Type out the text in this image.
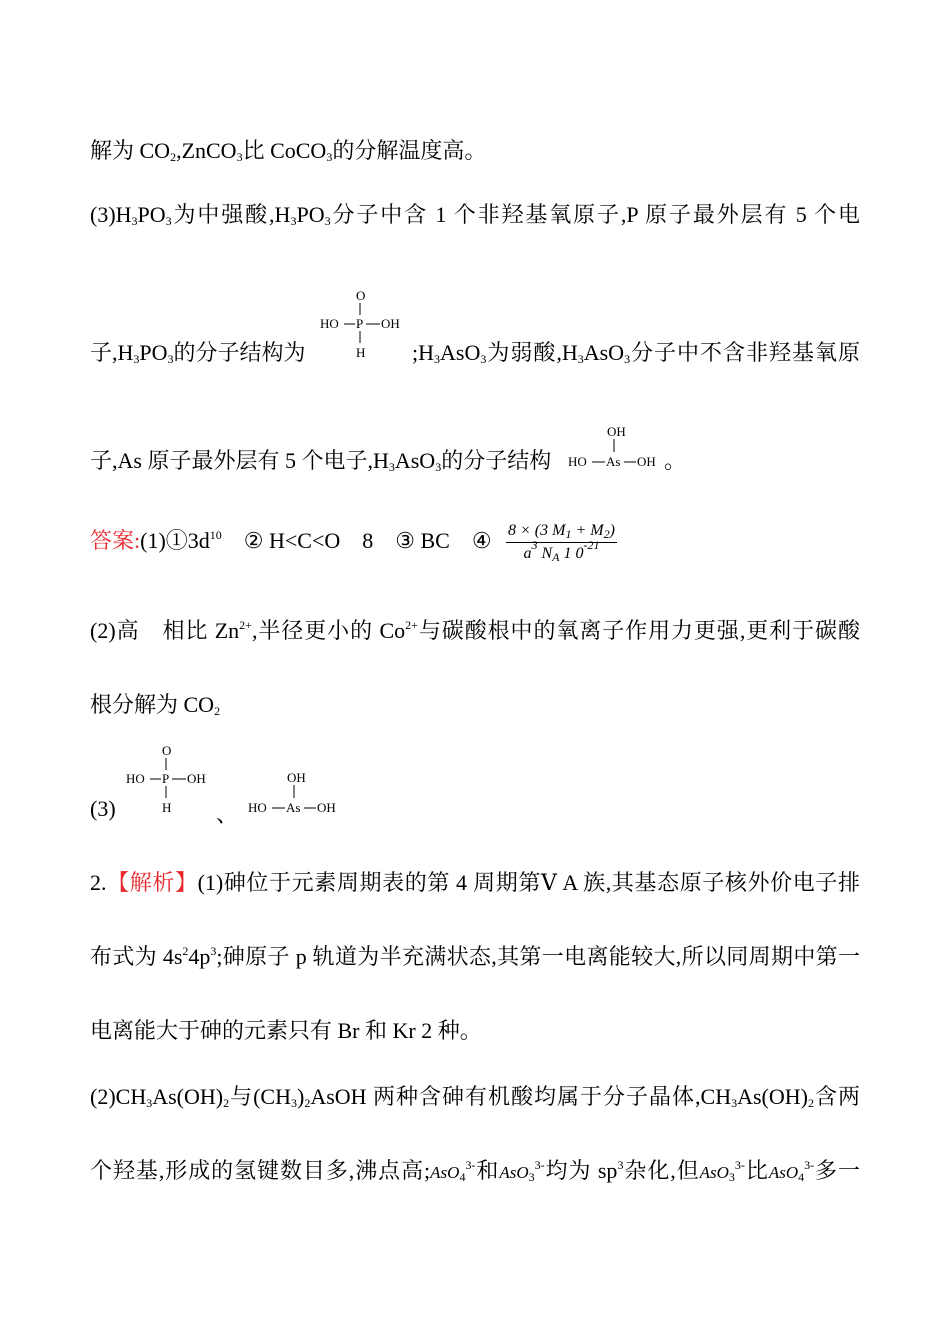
解为 $CO_2,ZnCO_3$比 CoCO$_3$的分解温度高。
$(3)H_3PO_3$为中强酸$,H_3PO_3$分子中含 1 个非羟基氧原子,P 原子最外层有 5 个电
O
HO P OH
H
子$,H_3PO_3$的分子结构为	$;H_3AsO_3$为弱酸$,H_3AsO_3$分子中不含非羟基氧原
子,As 原子最外层有 5 个电子$,H_3AsO_3$的分子结构
OH
HO As OH 。
答案$:(1)①3d^{10}$ ② H<C<O 8 ③ BC ④ $\frac{8 \times (3 M_1 + M_2)}{a^3 N_A 1 0^{-21}}$
(2)高 相比 $Zn^{2+}$,半径更小的 $Co^{2+}$与碳酸根中的氧离子作用力更强,更利于碳酸
根分解为 $CO_2$
(3)
O
HO P OH
H 、
OH
HO As OH
2.【解析】(1)砷位于元素周期表的第 4 周期第Ⅴ A 族,其基态原子核外价电子排
布式为 $4s^24p^3$;砷原子 p 轨道为半充满状态,其第一电离能较大,所以同周期中第一
电离能大于砷的元素只有 Br 和 Kr 2 种。
$(2)CH_3As(OH)_2$与$(CH_3)_2AsOH$ 两种含砷有机酸均属于分子晶体$,CH_3As(OH)_2$含两
个羟基,形成的氢键数目多,沸点高;AsO$_4^{3-}$和AsO$_3^{3-}$均为 $sp^3$杂化,但AsO$_3^{3-}$比AsO$_4^{3-}$多一
